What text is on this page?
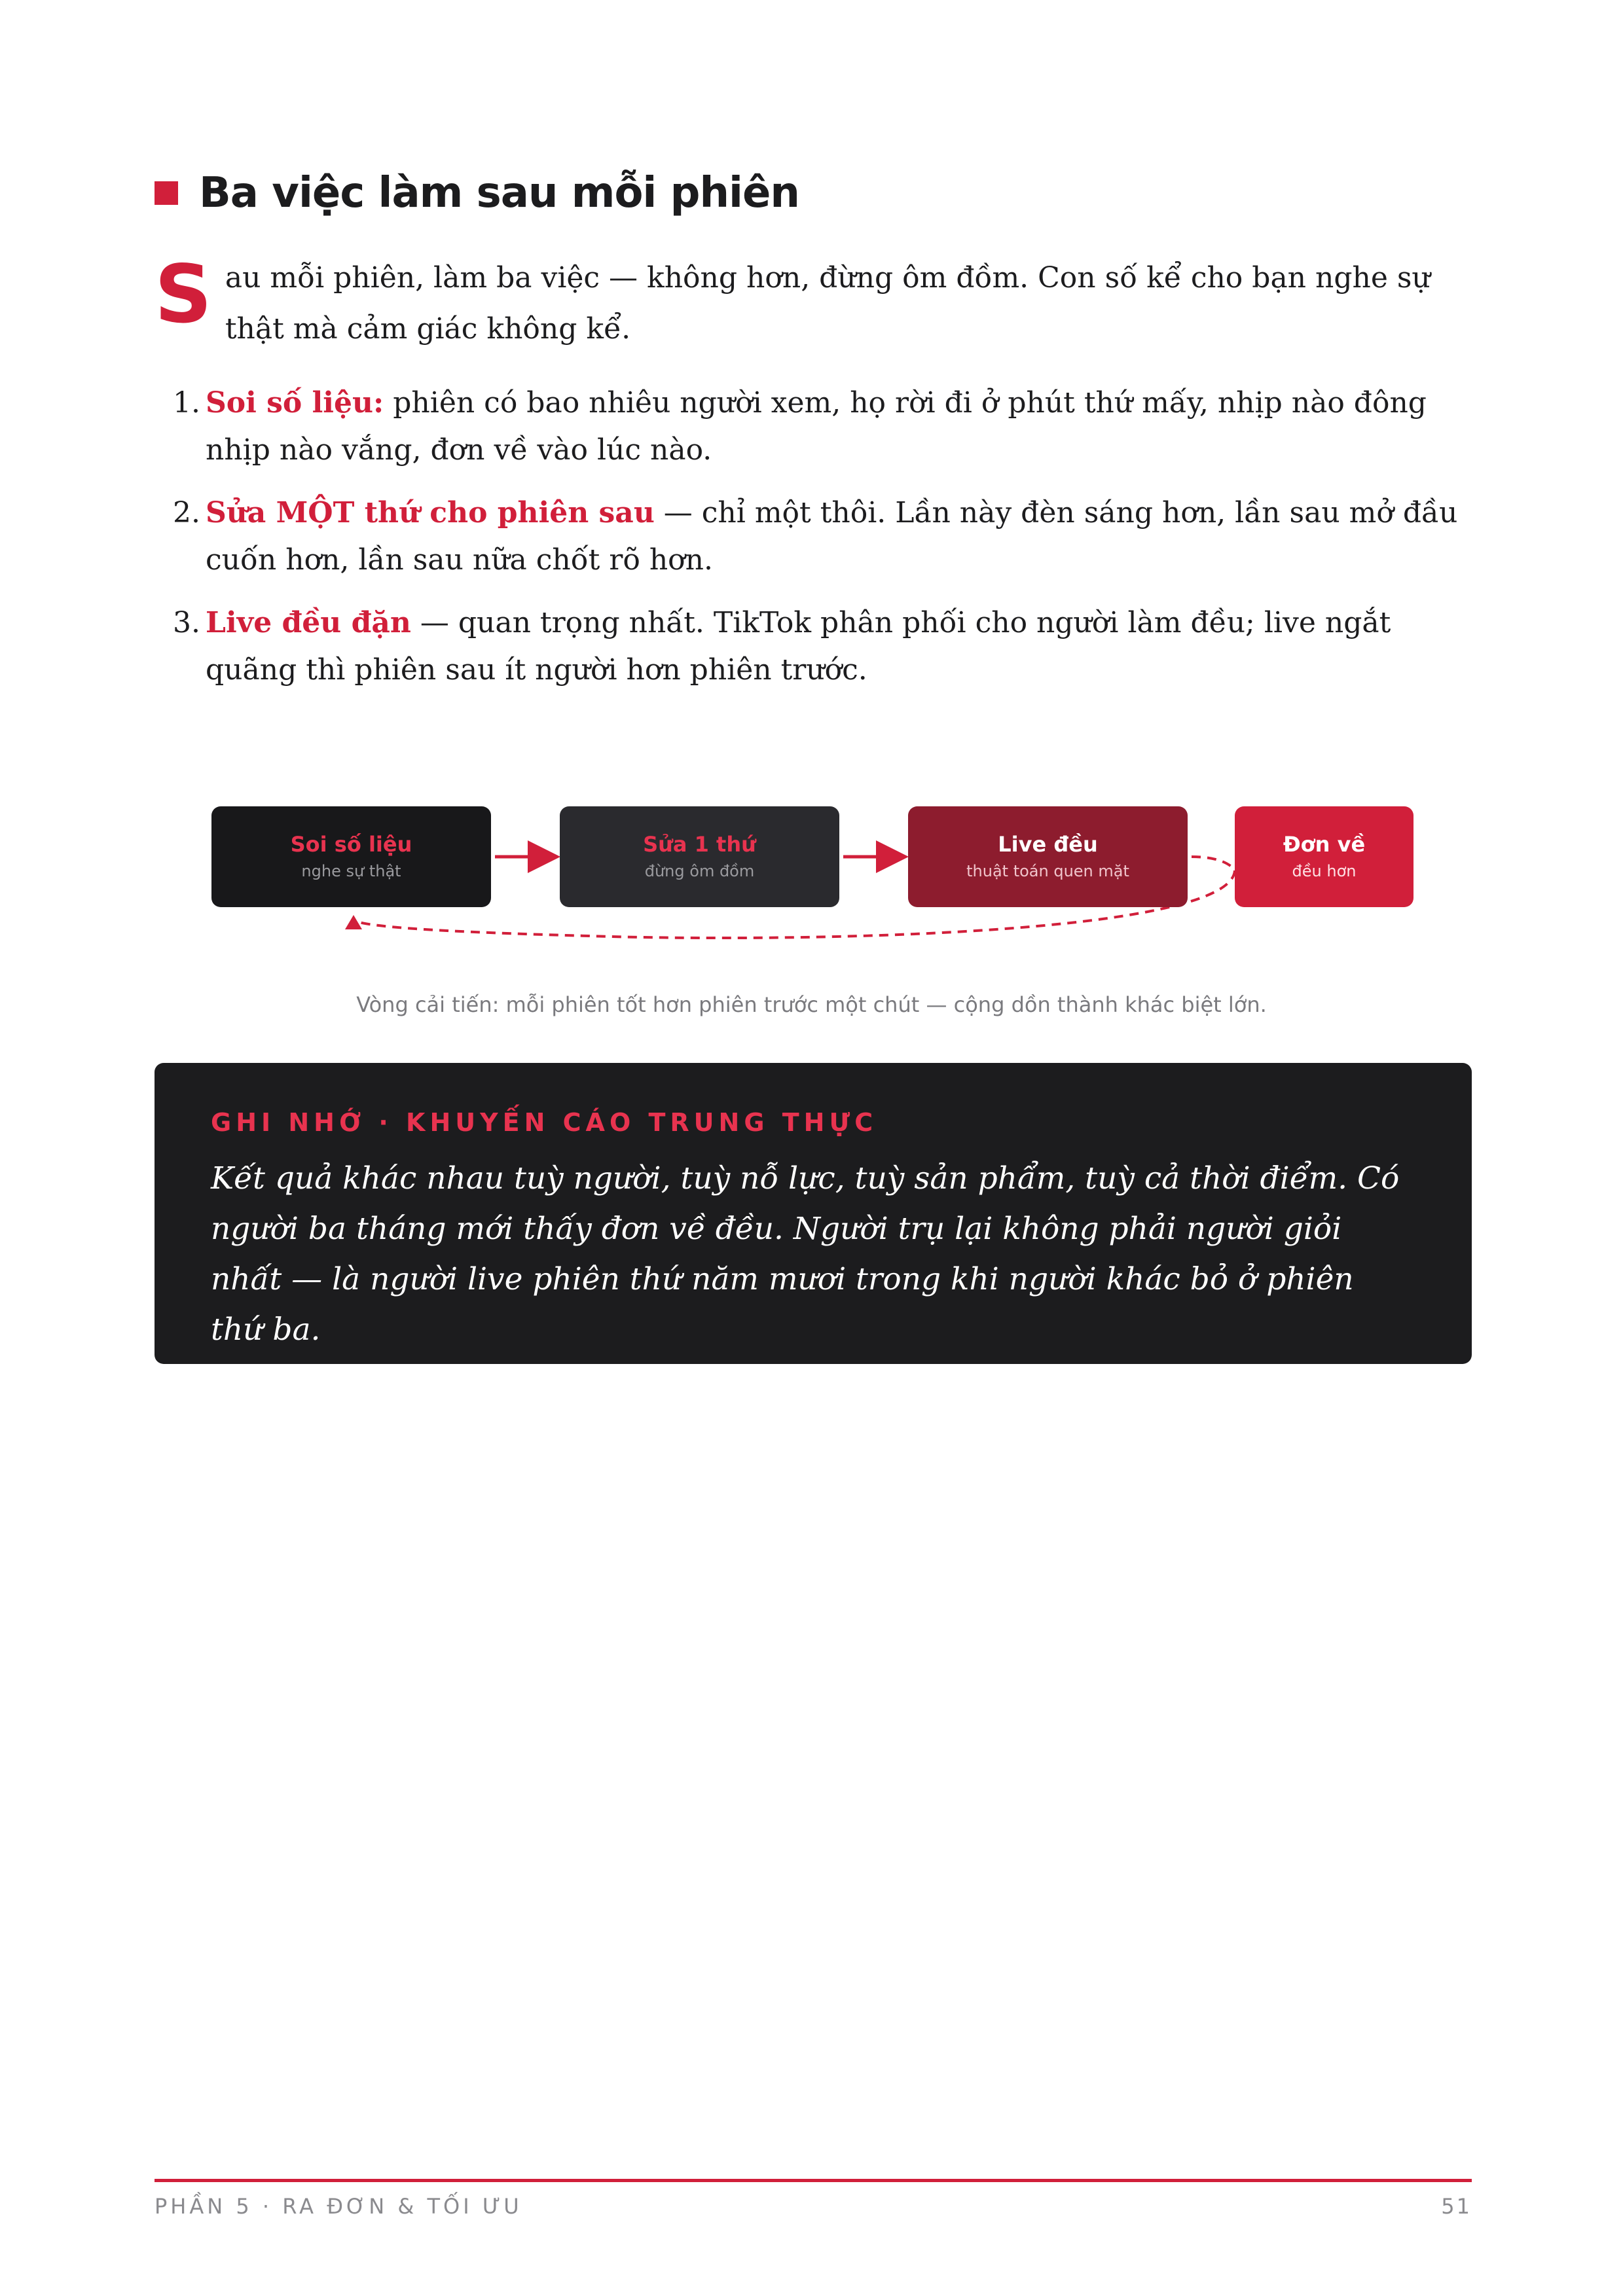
Ba việc làm sau mỗi phiên
S au mỗi phiên, làm ba việc — không hơn, đừng ôm đồm. Con số kể cho bạn nghe sự thật mà cảm giác không kể.
1. Soi số liệu: phiên có bao nhiêu người xem, họ rời đi ở phút thứ mấy, nhịp nào đông nhịp nào vắng, đơn về vào lúc nào.
2. Sửa MỘT thứ cho phiên sau — chỉ một thôi. Lần này đèn sáng hơn, lần sau mở đầu cuốn hơn, lần sau nữa chốt rõ hơn.
3. Live đều đặn — quan trọng nhất. TikTok phân phối cho người làm đều; live ngắt quãng thì phiên sau ít người hơn phiên trước.
Soi số liệu
nghe sự thật
Sửa 1 thứ
đừng ôm đồm
Live đều
thuật toán quen mặt
Đơn về
đều hơn
Vòng cải tiến: mỗi phiên tốt hơn phiên trước một chút — cộng dồn thành khác biệt lớn.
GHI NHỚ · KHUYẾN CÁO TRUNG THỰC
Kết quả khác nhau tuỳ người, tuỳ nỗ lực, tuỳ sản phẩm, tuỳ cả thời điểm. Có người ba tháng mới thấy đơn về đều. Người trụ lại không phải người giỏi nhất — là người live phiên thứ năm mươi trong khi người khác bỏ ở phiên thứ ba.
PHẦN 5 · RA ĐƠN & TỐI ƯU	51
